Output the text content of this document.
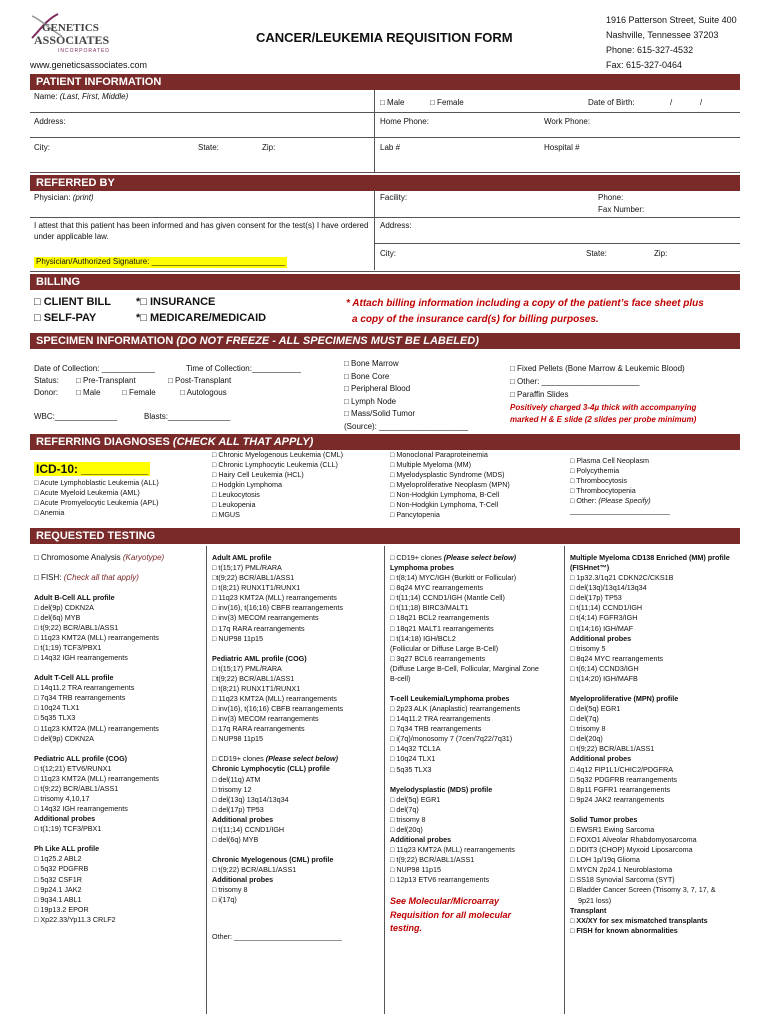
GENETICS
ASSOCIATES
INCORPORATED
www.geneticsassociates.com
CANCER/LEUKEMIA REQUISITION FORM
1916 Patterson Street, Suite 400
Nashville, Tennessee 37203
Phone: 615-327-4532
Fax: 615-327-0464
PATIENT INFORMATION
Name: (Last, First, Middle)
□ Male	□ Female	Date of Birth:	/	/
Address:	Home Phone:	Work Phone:
City:	State:	Zip:	Lab #	Hospital #
REFERRED BY
Physician: (print)	Facility:	Phone:
Fax Number:
I attest that this patient has been informed and has given consent for the test(s) I have ordered under applicable law.
Address:
City:	State:	Zip:
Physician/Authorized Signature: ______________________________
BILLING
□ CLIENT BILL
□ SELF-PAY
*□ INSURANCE
*□ MEDICARE/MEDICAID
* Attach billing information including a copy of the patient’s face sheet plus
a copy of the insurance card(s) for billing purposes.
SPECIMEN INFORMATION (DO NOT FREEZE - ALL SPECIMENS MUST BE LABELED)
Date of Collection: ____________	Time of Collection:___________
Status: □ Pre-Transplant	□ Post-Transplant
Donor: □ Male	□ Female	□ Autologous
WBC:______________	Blasts:______________
□ Bone Marrow
□ Bone Core
□ Peripheral Blood
□ Lymph Node
□ Mass/Solid Tumor
(Source): ____________________
□ Fixed Pellets (Bone Marrow & Leukemic Blood)
□ Other: ______________________
□ Paraffin Slides
Positively charged 3-4µ thick with accompanying
marked H & E slide (2 slides per probe minimum)
REFERRING DIAGNOSES (CHECK ALL THAT APPLY)
ICD-10: __________
□ Acute Lymphoblastic Leukemia (ALL)
□ Acute Myeloid Leukemia (AML)
□ Acute Promyelocytic Leukemia (APL)
□ Anemia
□ Chronic Myelogenous Leukemia (CML)
□ Chronic Lymphocytic Leukemia (CLL)
□ Hairy Cell Leukemia (HCL)
□ Hodgkin Lymphoma
□ Leukocytosis
□ Leukopenia
□ MGUS
□ Monoclonal Paraproteinemia
□ Multiple Myeloma (MM)
□ Myelodysplastic Syndrome (MDS)
□ Myeloproliferative Neoplasm (MPN)
□ Non-Hodgkin Lymphoma, B-Cell
□ Non-Hodgkin Lymphoma, T-Cell
□ Pancytopenia
□ Plasma Cell Neoplasm
□ Polycythemia
□ Thrombocytosis
□ Thrombocytopenia
□ Other: (Please Specify)
_________________________
REQUESTED TESTING
□ Chromosome Analysis (Karyotype)
□ FISH: (Check all that apply)
Adult B-Cell ALL profile
□ del(9p) CDKN2A
□ del(6q) MYB
□ t(9;22) BCR/ABL1/ASS1
□ 11q23 KMT2A (MLL) rearrangements
□ t(1;19) TCF3/PBX1
□ 14q32 IGH rearrangements
Adult T-Cell ALL profile
□ 14q11.2 TRA rearrangements
□ 7q34 TRB rearrangements
□ 10q24 TLX1
□ 5q35 TLX3
□ 11q23 KMT2A (MLL) rearrangements
□ del(9p) CDKN2A
Pediatric ALL profile (COG)
□ t(12;21) ETV6/RUNX1
□ 11q23 KMT2A (MLL) rearrangements
□ t(9;22) BCR/ABL1/ASS1
□ trisomy 4,10,17
□ 14q32 IGH rearrangements
Additional probes
□ t(1;19) TCF3/PBX1
Ph Like ALL profile
□ 1q25.2 ABL2
□ 5q32 PDGFRB
□ 5q32 CSF1R
□ 9p24.1 JAK2
□ 9q34.1 ABL1
□ 19p13.2 EPOR
□ Xp22.33/Yp11.3 CRLF2
Adult AML profile
□ t(15;17) PML/RARA
□t(9;22) BCR/ABL1/ASS1
□ t(8;21) RUNX1T1/RUNX1
□ 11q23 KMT2A (MLL) rearrangements
□ inv(16), t(16;16) CBFB rearrangements
□ inv(3) MECOM rearrangements
□ 17q RARA rearrangements
□ NUP98 11p15
Pediatric AML profile (COG)
□ t(15;17) PML/RARA
□t(9;22) BCR/ABL1/ASS1
□ t(8;21) RUNX1T1/RUNX1
□ 11q23 KMT2A (MLL) rearrangements
□ inv(16), t(16;16) CBFB rearrangements
□ inv(3) MECOM rearrangements
□ 17q RARA rearrangements
□ NUP98 11p15
□ CD19+ clones (Please select below)
Chronic Lymphocytic (CLL) profile
□ del(11q) ATM
□ trisomy 12
□ del(13q) 13q14/13q34
□ del(17p) TP53
Additional probes
□ t(11;14) CCND1/IGH
□ del(6q) MYB
Chronic Myelogenous (CML) profile
□ t(9;22) BCR/ABL1/ASS1
Additional probes
□ trisomy 8
□ i(17q)
Other: ___________________________
□ CD19+ clones (Please select below)
Lymphoma probes
□ t(8;14) MYC/IGH (Burkitt or Follicular)
□ 8q24 MYC rearrangements
□ t(11;14) CCND1/IGH (Mantle Cell)
□ t(11;18) BIRC3/MALT1
□ 18q21 BCL2 rearrangements
□ 18q21 MALT1 rearrangements
□ t(14;18) IGH/BCL2
(Follicular or Diffuse Large B-Cell)
□ 3q27 BCL6 rearrangements
(Diffuse Large B-Cell, Follicular, Marginal Zone
B-cell)
T-cell Leukemia/Lymphoma probes
□ 2p23 ALK (Anaplastic) rearrangements
□ 14q11.2 TRA rearrangements
□ 7q34 TRB rearrangements
□ i(7q)/monosomy 7 (7cen/7q22/7q31)
□ 14q32 TCL1A
□ 10q24 TLX1
□ 5q35 TLX3
Myelodysplastic (MDS) profile
□ del(5q) EGR1
□ del(7q)
□ trisomy 8
□ del(20q)
Additional probes
□ 11q23 KMT2A (MLL) rearrangements
□ t(9;22) BCR/ABL1/ASS1
□ NUP98 11p15
□ 12p13 ETV6 rearrangements
See Molecular/Microarray
Requisition for all molecular
testing.
Multiple Myeloma CD138 Enriched (MM) profile (FISHnet™)
□ 1p32.3/1q21 CDKN2C/CKS1B
□ del(13q)/13q14/13q34
□ del(17p) TP53
□ t(11;14) CCND1/IGH
□ t(4;14) FGFR3/IGH
□ t(14;16) IGH/MAF
Additional probes
□ trisomy 5
□ 8q24 MYC rearrangements
□ t(6;14) CCND3/IGH
□ t(14;20) IGH/MAFB
Myeloproliferative (MPN) profile
□ del(5q) EGR1
□ del(7q)
□ trisomy 8
□ del(20q)
□ t(9;22) BCR/ABL1/ASS1
Additional probes
□ 4q12 FIP1L1/CHIC2/PDGFRA
□ 5q32 PDGFRB rearrangements
□ 8p11 FGFR1 rearrangements
□ 9p24 JAK2 rearrangements
Solid Tumor probes
□ EWSR1 Ewing Sarcoma
□ FOXO1 Alveolar Rhabdomyosarcoma
□ DDIT3 (CHOP) Myxoid Liposarcoma
□ LOH 1p/19q Glioma
□ MYCN 2p24.1 Neuroblastoma
□ SS18 Synovial Sarcoma (SYT)
□ Bladder Cancer Screen (Trisomy 3, 7, 17, &
9p21 loss)
Transplant
□ XX/XY for sex mismatched transplants
□ FISH for known abnormalities
